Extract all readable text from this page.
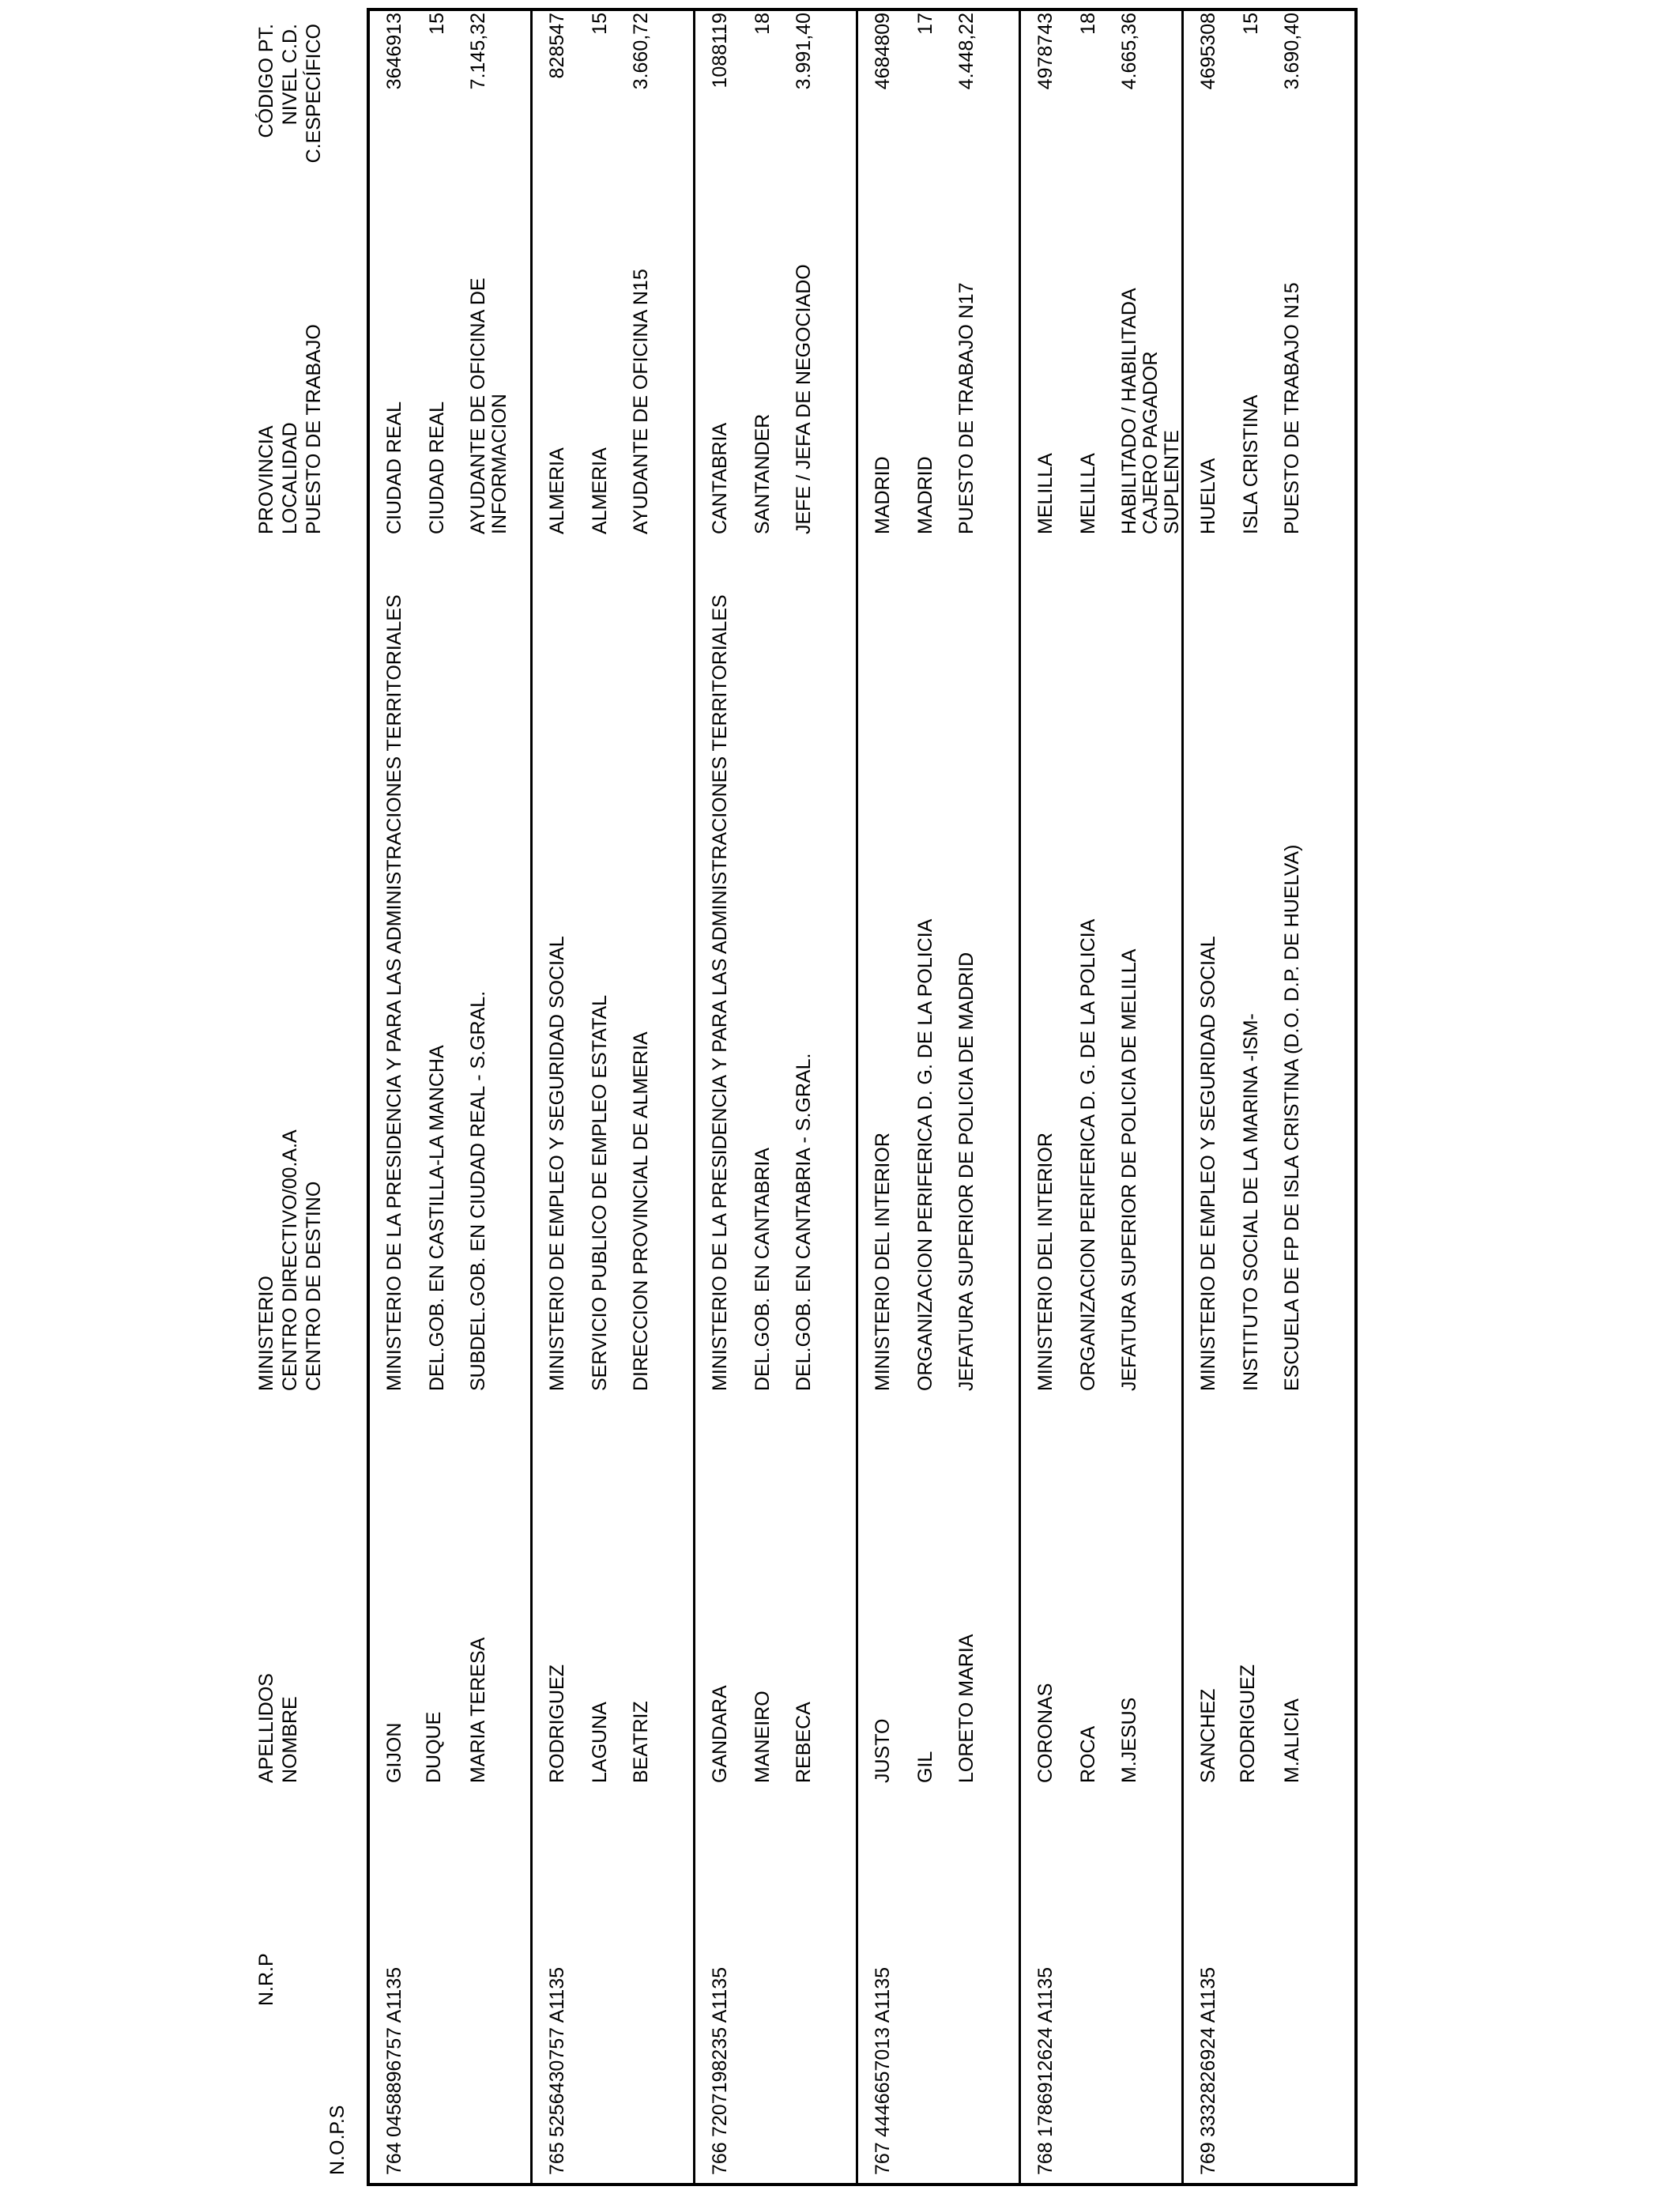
N.O.P.S
N.R.P
APELLIDOS NOMBRE
MINISTERIO CENTRO DIRECTIVO/00.A.A CENTRO DE DESTINO
PROVINCIA LOCALIDAD PUESTO DE TRABAJO
CÓDIGO PT. NIVEL C.D. C.ESPECÍFICO
764
0458896757 A1135
GIJON DUQUE MARIA TERESA
MINISTERIO DE LA PRESIDENCIA Y PARA LAS ADMINISTRACIONES TERRITORIALES DEL.GOB. EN CASTILLA-LA MANCHA SUBDEL.GOB. EN CIUDAD REAL - S.GRAL.
CIUDAD REAL CIUDAD REAL AYUDANTE DE OFICINA DE INFORMACION
3646913 15 7.145,32
765
5256430757 A1135
RODRIGUEZ LAGUNA BEATRIZ
MINISTERIO DE EMPLEO Y SEGURIDAD SOCIAL SERVICIO PUBLICO DE EMPLEO ESTATAL DIRECCION PROVINCIAL DE ALMERIA
ALMERIA ALMERIA AYUDANTE DE OFICINA N15
828547 15 3.660,72
766
7207198235 A1135
GANDARA MANEIRO REBECA
MINISTERIO DE LA PRESIDENCIA Y PARA LAS ADMINISTRACIONES TERRITORIALES DEL.GOB. EN CANTABRIA DEL.GOB. EN CANTABRIA - S.GRAL.
CANTABRIA SANTANDER JEFE / JEFA DE NEGOCIADO
1088119 18 3.991,40
767
4446657013 A1135
JUSTO GIL LORETO MARIA
MINISTERIO DEL INTERIOR ORGANIZACION PERIFERICA D. G. DE LA POLICIA JEFATURA SUPERIOR DE POLICIA DE MADRID
MADRID MADRID PUESTO DE TRABAJO N17
4684809 17 4.448,22
768
1786912624 A1135
CORONAS ROCA M.JESUS
MINISTERIO DEL INTERIOR ORGANIZACION PERIFERICA D. G. DE LA POLICIA JEFATURA SUPERIOR DE POLICIA DE MELILLA
MELILLA MELILLA HABILITADO / HABILITADA CAJERO PAGADOR SUPLENTE
4978743 18 4.665,36
769
3332826924 A1135
SANCHEZ RODRIGUEZ M.ALICIA
MINISTERIO DE EMPLEO Y SEGURIDAD SOCIAL INSTITUTO SOCIAL DE LA MARINA -ISM- ESCUELA DE FP DE ISLA CRISTINA (D.O. D.P. DE HUELVA)
HUELVA ISLA CRISTINA PUESTO DE TRABAJO N15
4695308 15 3.690,40
